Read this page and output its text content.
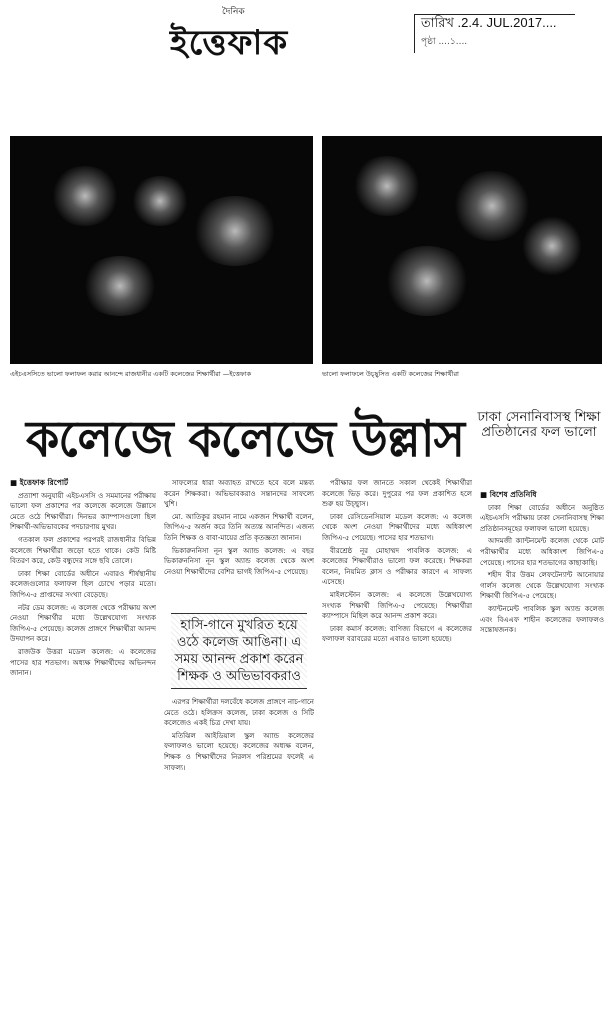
দৈনিক
ইত্তেফাক
তারিখ .2.4. JUL.2017....
পৃষ্ঠা ....১....
এইচএসসিতে ভালো ফলাফল করার আনন্দে রাজধানীর একটি কলেজের শিক্ষার্থীরা —ইত্তেফাক	ভালো ফলাফলে উচ্ছ্বসিত একটি কলেজের শিক্ষার্থীরা
কলেজে কলেজে উল্লাস	ঢাকা সেনানিবাসস্থ শিক্ষা প্রতিষ্ঠানের ফল ভালো

■ ইত্তেফাক রিপোর্ট

প্রত্যাশা অনুযায়ী এইচএসসি ও সমমানের পরীক্ষায় ভালো ফল প্রকাশের পর কলেজে কলেজে উল্লাসে মেতে ওঠে শিক্ষার্থীরা। দিনভর ক্যাম্পাসগুলো ছিল শিক্ষার্থী-অভিভাবকের পদচারণায় মুখর।

গতকাল ফল প্রকাশের পরপরই রাজধানীর বিভিন্ন কলেজে শিক্ষার্থীরা জড়ো হতে থাকে। কেউ মিষ্টি বিতরণ করে, কেউ বন্ধুদের সঙ্গে ছবি তোলে।

ঢাকা শিক্ষা বোর্ডের অধীনে এবারও শীর্ষস্থানীয় কলেজগুলোর ফলাফল ছিল চোখে পড়ার মতো। জিপিএ-৫ প্রাপ্তদের সংখ্যা বেড়েছে।

নটর ডেম কলেজ: এ কলেজ থেকে পরীক্ষায় অংশ নেওয়া শিক্ষার্থীর মধ্যে উল্লেখযোগ্য সংখ্যক জিপিএ-৫ পেয়েছে। কলেজ প্রাঙ্গণে শিক্ষার্থীরা আনন্দ উদযাপন করে।

রাজউক উত্তরা মডেল কলেজ: এ কলেজের পাসের হার শতভাগ। অধ্যক্ষ শিক্ষার্থীদের অভিনন্দন জানান।

সাফল্যের ধারা অব্যাহত রাখতে হবে বলে মন্তব্য করেন শিক্ষকরা। অভিভাবকরাও সন্তানদের সাফল্যে খুশি।

মো. আতিকুর রহমান নামে একজন শিক্ষার্থী বলেন, জিপিএ-৫ অর্জন করে তিনি অত্যন্ত আনন্দিত। এজন্য তিনি শিক্ষক ও বাবা-মায়ের প্রতি কৃতজ্ঞতা জানান।

ভিকারুননিসা নূন স্কুল অ্যান্ড কলেজ: এ বছর ভিকারুননিসা নূন স্কুল অ্যান্ড কলেজ থেকে অংশ নেওয়া শিক্ষার্থীদের বেশির ভাগই জিপিএ-৫ পেয়েছে।

হাসি-গানে মুখরিত হয়ে ওঠে কলেজ আঙিনা। এ সময় আনন্দ প্রকাশ করেন শিক্ষক ও অভিভাবকরাও

এরপর শিক্ষার্থীরা দলবেঁধে কলেজ প্রাঙ্গণে নাচ-গানে মেতে ওঠে। হলিক্রস কলেজ, ঢাকা কলেজ ও সিটি কলেজেও একই চিত্র দেখা যায়।

মতিঝিল আইডিয়াল স্কুল অ্যান্ড কলেজের ফলাফলও ভালো হয়েছে। কলেজের অধ্যক্ষ বলেন, শিক্ষক ও শিক্ষার্থীদের নিরলস পরিশ্রমের ফলেই এ সাফল্য।

পরীক্ষার ফল জানতে সকাল থেকেই শিক্ষার্থীরা কলেজে ভিড় করে। দুপুরের পর ফল প্রকাশিত হলে শুরু হয় উচ্ছ্বাস।

ঢাকা রেসিডেনসিয়াল মডেল কলেজ: এ কলেজ থেকে অংশ নেওয়া শিক্ষার্থীদের মধ্যে অধিকাংশ জিপিএ-৫ পেয়েছে। পাসের হার শতভাগ।

বীরশ্রেষ্ঠ নূর মোহাম্মদ পাবলিক কলেজ: এ কলেজের শিক্ষার্থীরাও ভালো ফল করেছে। শিক্ষকরা বলেন, নিয়মিত ক্লাস ও পরীক্ষার কারণে এ সাফল্য এসেছে।

মাইলস্টোন কলেজ: এ কলেজে উল্লেখযোগ্য সংখ্যক শিক্ষার্থী জিপিএ-৫ পেয়েছে। শিক্ষার্থীরা ক্যাম্পাসে মিছিল করে আনন্দ প্রকাশ করে।

ঢাকা কমার্স কলেজ: বাণিজ্য বিভাগে এ কলেজের ফলাফল বরাবরের মতো এবারও ভালো হয়েছে।

■ বিশেষ প্রতিনিধি

ঢাকা শিক্ষা বোর্ডের অধীনে অনুষ্ঠিত এইচএসসি পরীক্ষায় ঢাকা সেনানিবাসস্থ শিক্ষা প্রতিষ্ঠানসমূহের ফলাফল ভালো হয়েছে।

আদমজী ক্যান্টনমেন্ট কলেজ থেকে মোট পরীক্ষার্থীর মধ্যে অধিকাংশ জিপিএ-৫ পেয়েছে। পাসের হার শতভাগের কাছাকাছি।

শহীদ বীর উত্তম লেফটেন্যান্ট আনোয়ার গার্লস কলেজ থেকে উল্লেখযোগ্য সংখ্যক শিক্ষার্থী জিপিএ-৫ পেয়েছে।

ক্যান্টনমেন্ট পাবলিক স্কুল অ্যান্ড কলেজ এবং বিএএফ শাহীন কলেজের ফলাফলও সন্তোষজনক।
